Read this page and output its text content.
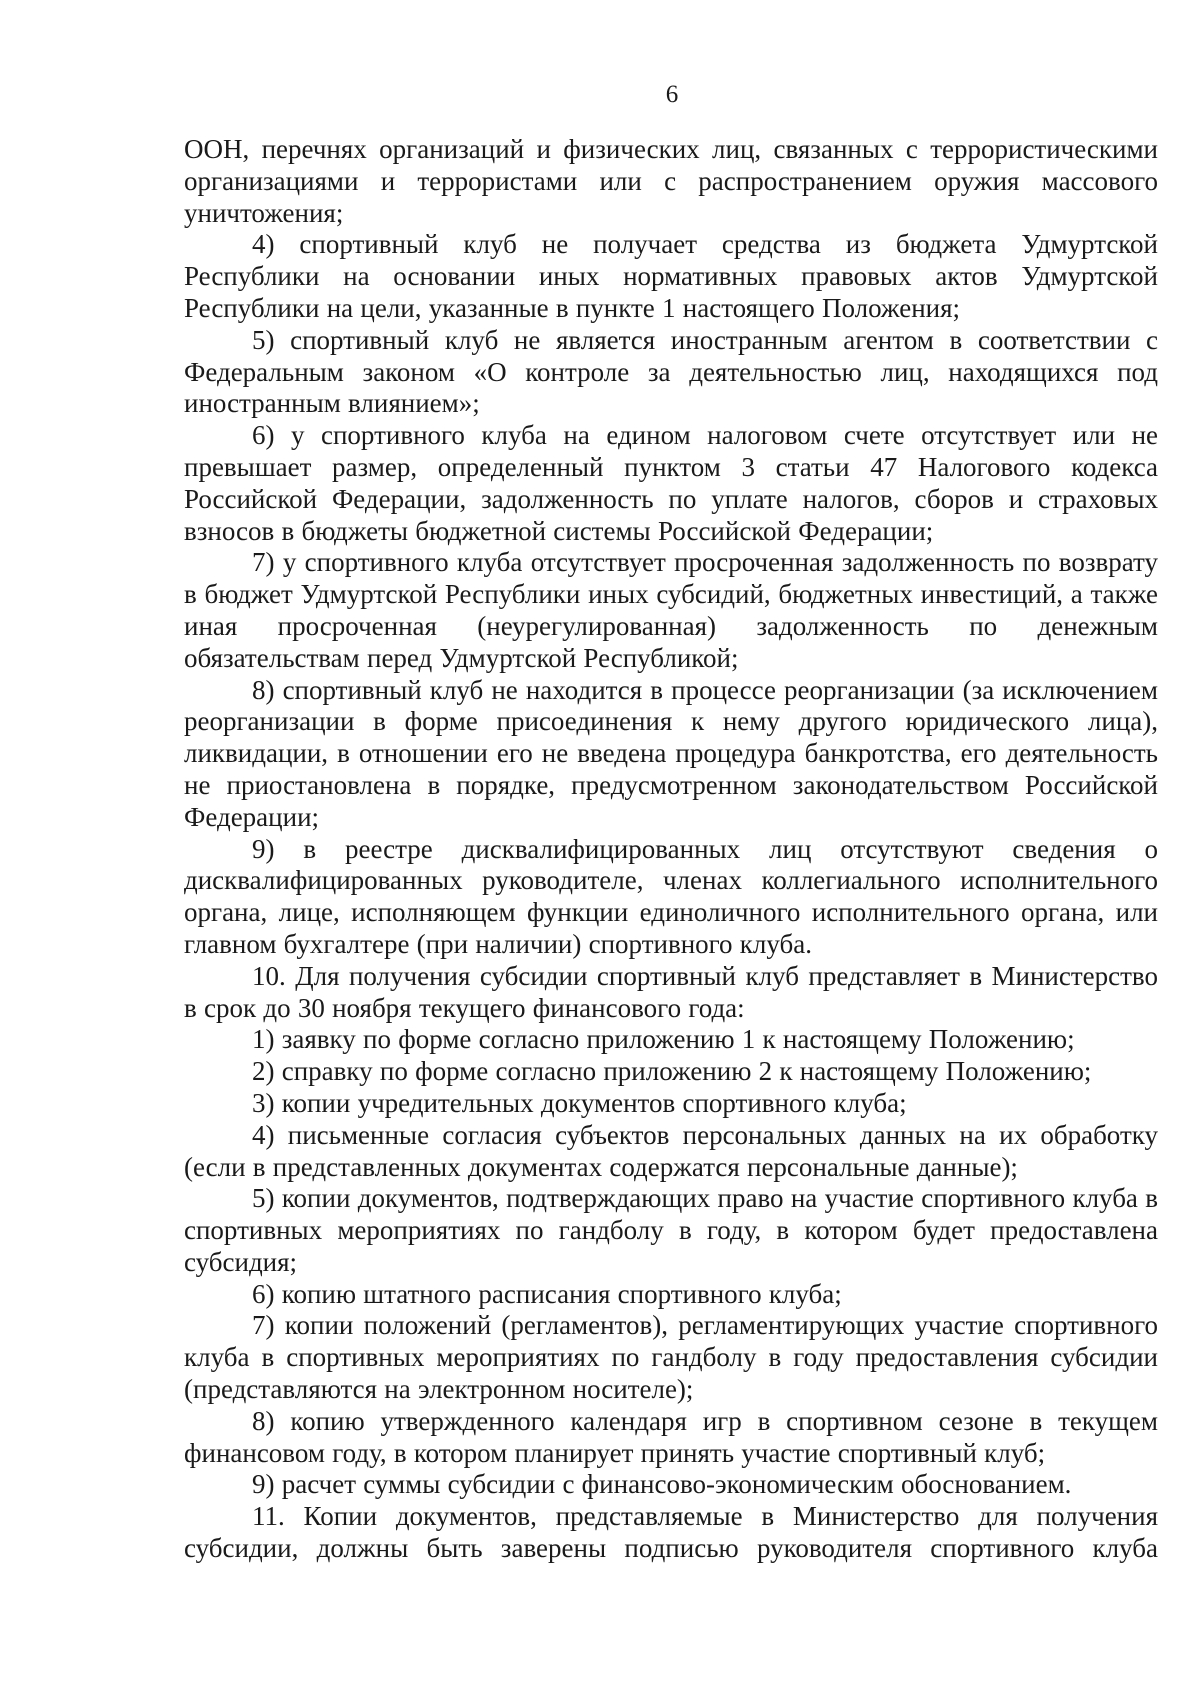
6

ООН, перечнях организаций и физических лиц, связанных с террористическими организациями и террористами или с распространением оружия массового уничтожения;

4) спортивный клуб не получает средства из бюджета Удмуртской Республики на основании иных нормативных правовых актов Удмуртской Республики на цели, указанные в пункте 1 настоящего Положения;

5) спортивный клуб не является иностранным агентом в соответствии с Федеральным законом «О контроле за деятельностью лиц, находящихся под иностранным влиянием»;

6) у спортивного клуба на едином налоговом счете отсутствует или не превышает размер, определенный пунктом 3 статьи 47 Налогового кодекса Российской Федерации, задолженность по уплате налогов, сборов и страховых взносов в бюджеты бюджетной системы Российской Федерации;

7) у спортивного клуба отсутствует просроченная задолженность по возврату в бюджет Удмуртской Республики иных субсидий, бюджетных инвестиций, а также иная просроченная (неурегулированная) задолженность по денежным обязательствам перед Удмуртской Республикой;

8) спортивный клуб не находится в процессе реорганизации (за исключением реорганизации в форме присоединения к нему другого юридического лица), ликвидации, в отношении его не введена процедура банкротства, его деятельность не приостановлена в порядке, предусмотренном законодательством Российской Федерации;

9) в реестре дисквалифицированных лиц отсутствуют сведения о дисквалифицированных руководителе, членах коллегиального исполнительного органа, лице, исполняющем функции единоличного исполнительного органа, или главном бухгалтере (при наличии) спортивного клуба.

10. Для получения субсидии спортивный клуб представляет в Министерство в срок до 30 ноября текущего финансового года:

1) заявку по форме согласно приложению 1 к настоящему Положению;

2) справку по форме согласно приложению 2 к настоящему Положению;

3) копии учредительных документов спортивного клуба;

4) письменные согласия субъектов персональных данных на их обработку (если в представленных документах содержатся персональные данные);

5) копии документов, подтверждающих право на участие спортивного клуба в спортивных мероприятиях по гандболу в году, в котором будет предоставлена субсидия;

6) копию штатного расписания спортивного клуба;

7) копии положений (регламентов), регламентирующих участие спортивного клуба в спортивных мероприятиях по гандболу в году предоставления субсидии (представляются на электронном носителе);

8) копию утвержденного календаря игр в спортивном сезоне в текущем финансовом году, в котором планирует принять участие спортивный клуб;

9) расчет суммы субсидии с финансово-экономическим обоснованием.

11. Копии документов, представляемые в Министерство для получения субсидии, должны быть заверены подписью руководителя спортивного клуба
